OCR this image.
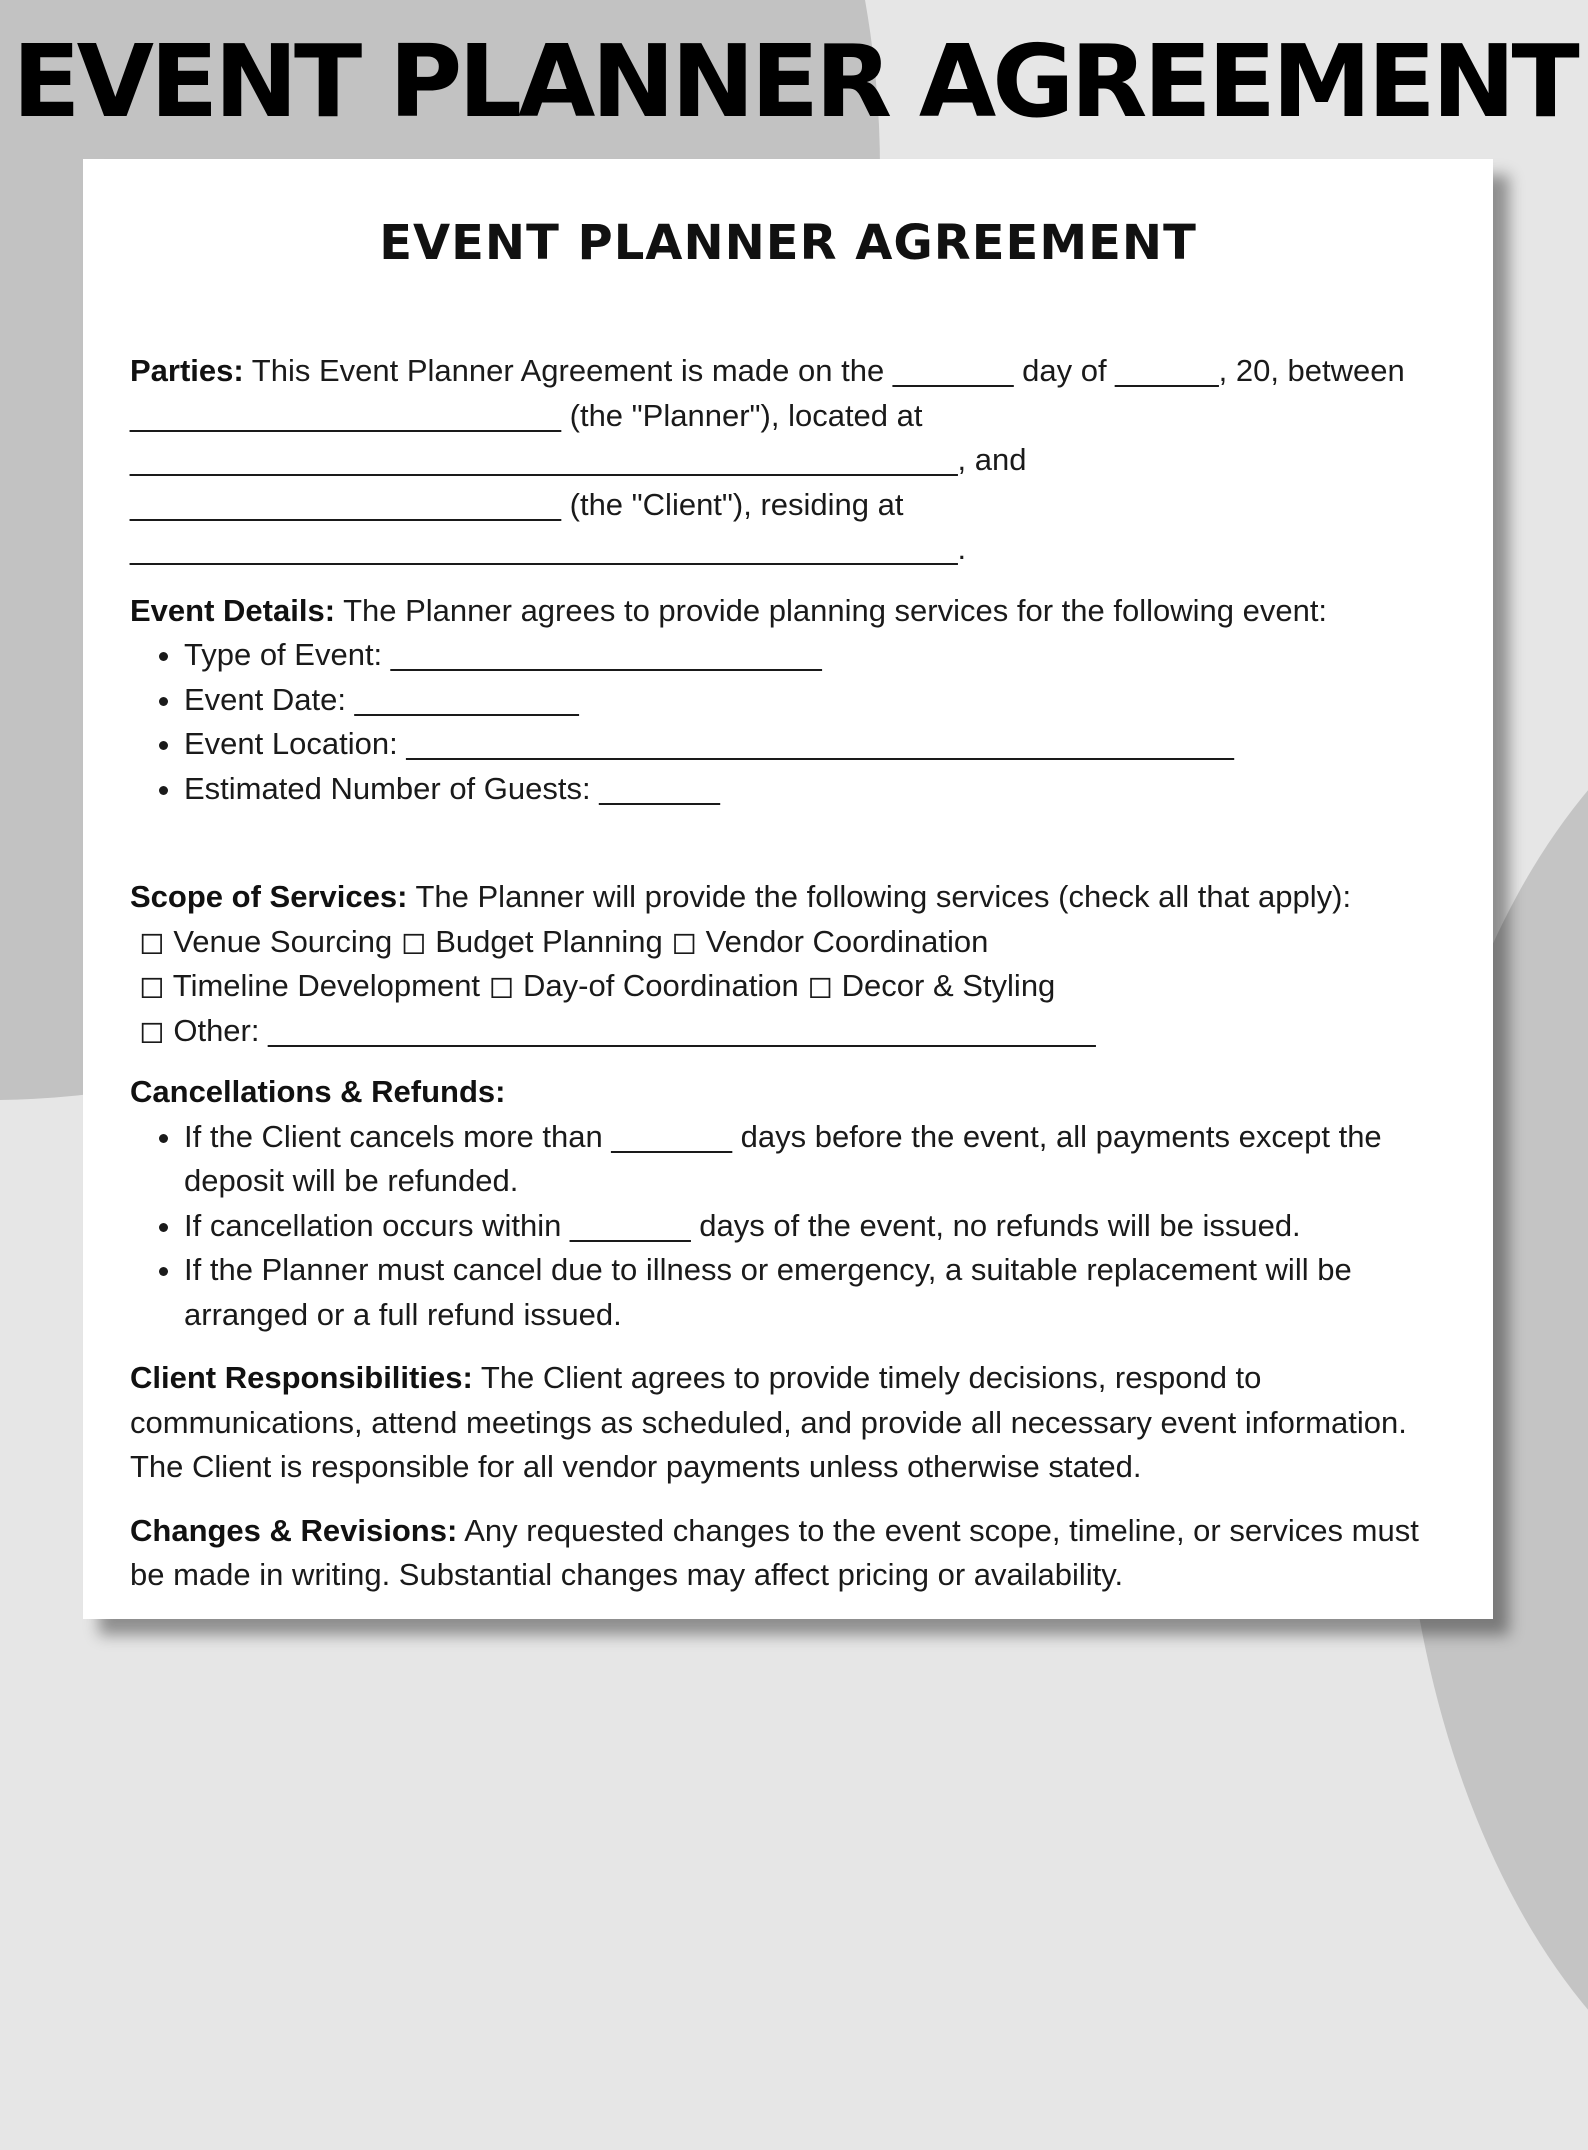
EVENT PLANNER AGREEMENT
EVENT PLANNER AGREEMENT

Parties: This Event Planner Agreement is made on the _______ day of ______, 20, between _________________________ (the "Planner"), located at ________________________________________________, and _________________________ (the "Client"), residing at ________________________________________________.

Event Details: The Planner agrees to provide planning services for the following event:

• Type of Event: _________________________
• Event Date: _____________
• Event Location: ________________________________________________
• Estimated Number of Guests: _______

Scope of Services: The Planner will provide the following services (check all that apply):

◻ Venue Sourcing ◻ Budget Planning ◻ Vendor Coordination
◻ Timeline Development ◻ Day-of Coordination ◻ Decor & Styling
◻ Other: ________________________________________________

Cancellations & Refunds:

• If the Client cancels more than _______ days before the event, all payments except the deposit will be refunded.
• If cancellation occurs within _______ days of the event, no refunds will be issued.
• If the Planner must cancel due to illness or emergency, a suitable replacement will be arranged or a full refund issued.

Client Responsibilities: The Client agrees to provide timely decisions, respond to communications, attend meetings as scheduled, and provide all necessary event information. The Client is responsible for all vendor payments unless otherwise stated.

Changes & Revisions: Any requested changes to the event scope, timeline, or services must be made in writing. Substantial changes may affect pricing or availability.
